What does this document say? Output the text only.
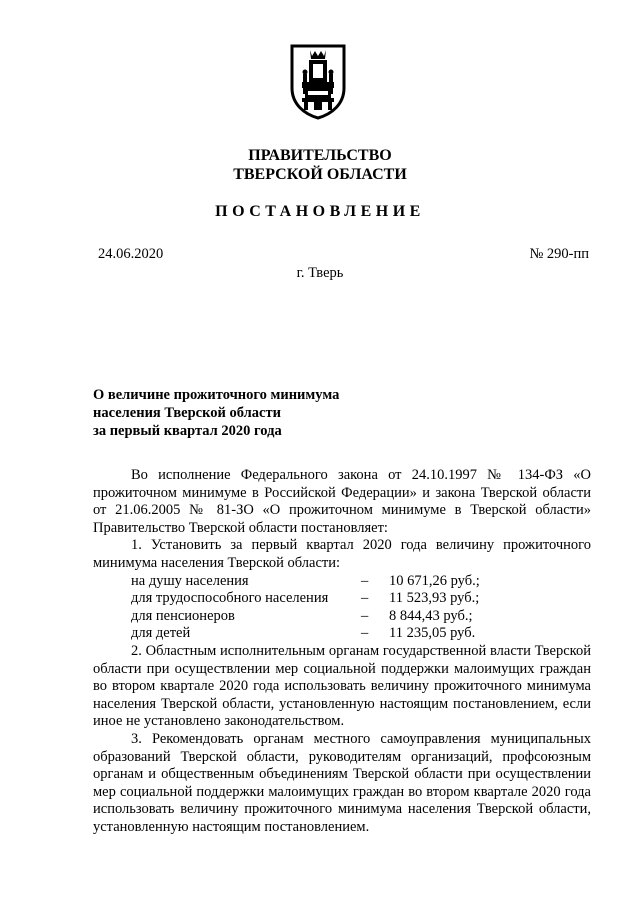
ПРАВИТЕЛЬСТВО
ТВЕРСКОЙ ОБЛАСТИ
ПОСТАНОВЛЕНИЕ
24.06.2020	№ 290-пп
г. Тверь
О величине прожиточного минимума
населения Тверской области
за первый квартал 2020 года

Во исполнение Федерального закона от 24.10.1997 № 134-ФЗ «О прожиточном минимуме в Российской Федерации» и закона Тверской области от 21.06.2005 № 81-ЗО «О прожиточном минимуме в Тверской области» Правительство Тверской области постановляет:

1. Установить за первый квартал 2020 года величину прожиточного минимума населения Тверской области:

на душу населения	–	10 671,26 руб.;
для трудоспособного населения	–	11 523,93 руб.;
для пенсионеров	–	8 844,43 руб.;
для детей	–	11 235,05 руб.

2. Областным исполнительным органам государственной власти Тверской области при осуществлении мер социальной поддержки малоимущих граждан во втором квартале 2020 года использовать величину прожиточного минимума населения Тверской области, установленную настоящим постановлением, если иное не установлено законодательством.

3. Рекомендовать органам местного самоуправления муниципальных образований Тверской области, руководителям организаций, профсоюзным органам и общественным объединениям Тверской области при осуществлении мер социальной поддержки малоимущих граждан во втором квартале 2020 года использовать величину прожиточного минимума населения Тверской области, установленную настоящим постановлением.
